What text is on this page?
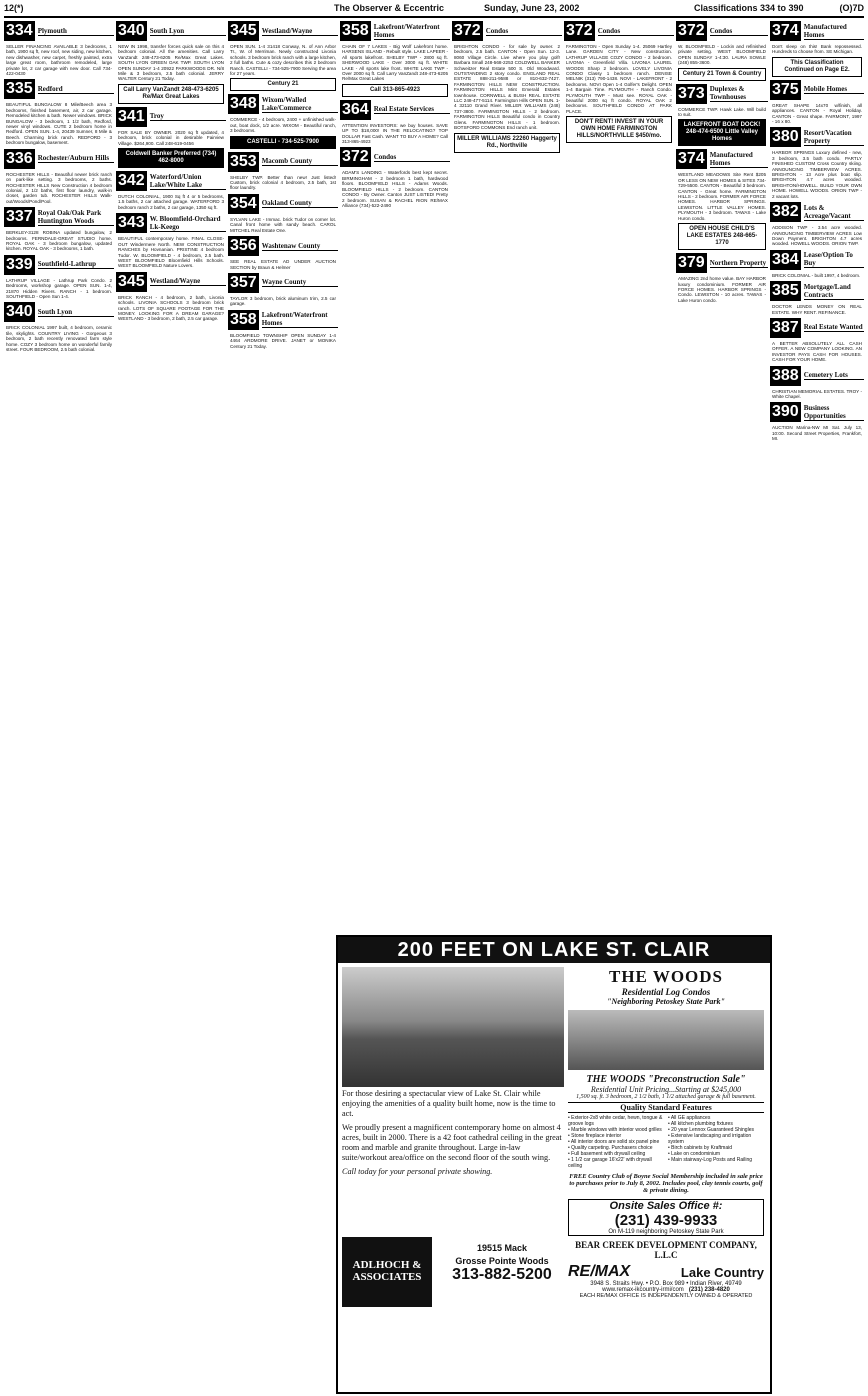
12(*)	The Observer & Eccentric	Sunday, June 23, 2002	Classifications 334 to 390	(O)7D
334 Plymouth
SELLER FINANCING AVAILABLE 3 bedrooms, 1 bath, 1900 sq ft, new roof, new siding, new kitchen, new dishwasher, new carpet, freshly painted, extra large great room, bathroom remodeled, large private lot, 2 car garage with new door. Call 734-422-0430
335 Redford
BEAUTIFUL BUNGALOW 8 Mile/Beech area 3 bedrooms, finished basement, air, 2 car garage. Remodeled kitchen & bath. Newer windows. BRICK BUNGALOW - 3 bedroom, 1 1/2 bath, Redford, newer vinyl windows. CUTE 2 bedroom home in Redford. OPEN SUN. 1-4, 20439 Sumner, 8 Mile & Beech. Charming brick ranch. REDFORD - 3 bedroom bungalow, basement.
336 Rochester/Auburn Hills
ROCHESTER HILLS - Beautiful newer brick ranch on park-like setting. 3 bedrooms, 2 baths. ROCHESTER HILLS New Construction 4 bedroom colonial, 2 1/2 baths, first floor laundry, walk-in closet, garden tub. ROCHESTER HILLS Walk-out/Woods/Pond/Pool.
337 Royal Oak/Oak Park Huntington Woods
BERKLEY-3128 ROBINA updated bungalow, 2 bedrooms. FERNDALE-GREAT STUDIO home. ROYAL OAK - 3 bedroom bungalow, updated kitchen. ROYAL OAK - 3 bedrooms, 1 bath.
339 Southfield-Lathrup
LATHRUP VILLAGE - Lathrup Park Condo. 2 Bedrooms, workshop garage. OPEN SUN. 1-4, 21870 Hidden Rivers. RANCH - 1 bedroom. SOUTHFIELD - Open Sun 1-4.
340 South Lyon
BRICK COLONIAL 1997 built, 4 bedroom, ceramic tile, skylights. COUNTRY LIVING - Gorgeous 3 bedroom, 2 bath recently renovated farm style home. COZY 3 bedroom home on wonderful family street. FOUR BEDROOM, 2.5 bath colonial.
340 South Lyon
NEW IN 1998, transfer forces quick sale on this 4 bedroom colonial. All the amenities. Call Larry VanZandt 248-473-6205 Re/Max Great Lakes. SOUTH LYON GREEN OAK TWP. SOUTH LYON OPEN SUNDAY 1-4 20922 PARKWOODS DR. N/8 Mile & 3 bedroom, 2.5 bath colonial. JERRY WALTER Century 21 Today.
Call Larry VanZandt 248-473-6205 Re/Max Great Lakes
341 Troy
FOR SALE BY OWNER. 2020 sq ft updated, 4 bedroom, brick colonial in desirable Fairview Village. $264,900. Call 248-619-0456
Coldwell Banker Preferred (734) 462-8000
342 Waterford/Union Lake/White Lake
DUTCH COLONIAL, 1900 Sq ft 4 or 5 bedrooms, 1.5 baths, 2 car attached garage. WATERFORD 3 bedroom ranch 2 baths, 2 car garage, 1350 sq ft.
343 W. Bloomfield-Orchard Lk-Keego
BEAUTIFUL contemporary home. FINAL CLOSE-OUT Windermere North. NEW CONSTRUCTION RANCHES by Hovnanian. PRISTINE 4 bedroom Tudor. W. BLOOMFIELD - 4 bedroom, 2.5 bath. WEST BLOOMFIELD Bloomfield Hills Schools. WEST BLOOMFIELD Nature Lovers.
345 Westland/Wayne
BRICK RANCH - 4 bedroom, 2 bath, Livonia schools. LIVONIA SCHOOLS 3 bedroom brick ranch. LOTS OF SQUARE FOOTAGE FOR THE MONEY. LOOKING FOR A DREAM GARAGE? WESTLAND - 3 bedroom, 2 bath, 2.5 car garage.
345 Westland/Wayne
OPEN SUN. 1-4 31418 Conway, N. of Ann Arbor Tr., W. of Merriman. Newly constructed Livonia schools. 3 bedroom brick ranch with a large kitchen, 2 full baths. Cute & cozy describes this 2 bedroom Ranch. CASTELLI - 734-525-7900 Serving the area for 27 years.
Century 21
348 Wixom/Walled Lake/Commerce
COMMERCE - 4 bedroom, 2400 + unfinished walk-out, boat dock, 1/2 acre. WIXOM - Beautiful ranch, 3 bedrooms.
CASTELLI - 734-525-7900
353 Macomb County
SHELBY TWP. Better than new! Just listed! Custom, brick colonial 4 bedroom, 2.5 bath, 1st floor laundry.
354 Oakland County
SYLVAN LAKE - Immac. brick Tudor on corner lot. Canal front home with sandy beach. CAROL MITCHEL Real Estate One.
356 Washtenaw County
SEE REAL ESTATE AD UNDER AUCTION SECTION by Braun & Helmer
357 Wayne County
TAYLOR 3 bedroom, brick aluminum trim, 2.5 car garage.
358 Lakefront/Waterfront Homes
BLOOMFIELD TOWNSHIP OPEN SUNDAY 1-4 4464 ARDMORE DRIVE. JANET or MONIKA Century 21 Today.
358 Lakefront/Waterfront Homes
CHAIN OF 7 LAKES - Big Wolf Lakefront home. HARSENS ISLAND - Rebuilt style. LAKE LAPEER - All sports lakefront. SHELBY TWP - 2800 sq ft. SHERWOOD LAKE - Over 3000 sq ft. WHITE LAKE - All sports lake front. WHITE LAKE TWP - Over 2000 sq ft. Call Larry VanZandt 248-473-6205 Re/Max Great Lakes
Call 313-865-4923
364 Real Estate Services
ATTENTION INVESTORS: we buy houses. SAVE UP TO $18,000! IN THE RELOCATING? TOP DOLLAR Fast Cash. WANT TO BUY A HOME? Call 313-865-4923
372 Condos
ADAM'S LANDING - Waterfords best kept secret. BIRMINGHAM - 2 bedroom 1 bath, hardwood floors. BLOOMFIELD HILLS - Adams Woods. BLOOMFIELD HILLS - 2 bedroom. CANTON CONDO - By Owner. Canton JUST LISTED! Pretty 2 bedroom. SUSAN & RACHEL RION RE/MAX Alliance (734)-522-2490
372 Condos
BRIGHTON CONDO - for sale by owner. 2 bedroom, 2.5 bath. CANTON - Open Sun. 12-3. 8060 Village Circle. Live where you play golf! Barbara Small 248-568-2253 COLDWELL BANKER Schweitzer Real Estate 500 S. Old Woodward. OUTSTANDING 2 story condo. ENGLAND REAL ESTATE 888-211-9588 or 810-632-7427. FARMINGTON HILLS NEW CONSTRUCTION. FARMINGTON HILLS Mint Emerald Estates townhouse. CORNWELL & BUSH REAL ESTATE LLC 248-477-5114. Farmington Hills OPEN SUN. 1-4 32110 Grand River. MILLER WILLIAMS (248) 737-3800. FARMINGTON HILLS - 2 bedroom. FARMINGTON HILLS Beautiful condo in Country Glens. FARMINGTON HILLS - 1 bedroom. BOTSFORD COMMONS End ranch unit.
MILLER WILLIAMS 22260 Haggerty Rd., Northville
372 Condos
FARMINGTON - Open Sunday 1-4. 25069 Hartley Lane. GARDEN CITY - New construction. LATHRUP VILLAGE COZY CONDO - 2 bedroom. LIVONIA - Greenfield Villa. LIVONIA LAUREL WOODS Sharp 2 bedroom. LOVELY LIVONIA CONDO Classy 1 bedroom ranch. DENISE MELNIK (313) 790-1438. NOVI - LAKEFRONT - 2 bedrooms. NOVI Open 1-4 Golfer's Delight. OPEN 1-4 Bargain Time. PLYMOUTH - Ranch Condo. PLYMOUTH TWP - Must see. ROYAL OAK - beautiful 2000 sq ft condo. ROYAL OAK 2 bedrooms. SOUTHFIELD CONDO AT PARK PLACE.
DON'T RENT! INVEST IN YOUR OWN HOME FARMINGTON HILLS/NORTHVILLE $450/mo.
372 Condos
W. BLOOMFIELD - Lockin and refinished private setting. WEST BLOOMFIELD OPEN SUNDAY 1-4:30. LAURA SOWLE (248) 855-3600.
Century 21 Town & Country
373 Duplexes & Townhouses
COMMERCE TWP. Hawk Lake. Will build to suit.
LAKEFRONT BOAT DOCK! 248-474-6500 Little Valley Homes
374 Manufactured Homes
WESTLAND MEADOWS Site Rent $205 OR LESS ON NEW HOMES & SITES 734-729-5500. CANTON - Beautiful 3 bedroom. CANTON - Great home. FARMINGTON HILLS - 2 bedroom. FORMER AIR FORCE HOMES. HARBOR SPRINGS. LEWISTON. LITTLE VALLEY HOMES. PLYMOUTH - 3 bedroom. TAWAS - Lake Huron condo.
OPEN HOUSE CHILD'S LAKE ESTATES 248-665-1770
379 Northern Property
AMAZING 2nd home value. BAY HARBOR luxury condominium. FORMER AIR FORCE HOMES. HARBOR SPRINGS - Condo. LEWISTON - 10 acres. TAWAS - Lake Huron condo.
374 Manufactured Homes
Don't sleep on this! Bank repossessed. Hundreds to choose from. SE Michigan.
This Classification Continued on Page E2.
375 Mobile Homes
GREAT SHAPE 14x70 w/finish, all appliances. CANTON - Royal Holiday. CANTON - Great shape. FAIRMONT, 1997 - 16 x 80.
380 Resort/Vacation Property
HARBOR SPRINGS Luxury defined - new, 3 bedroom, 3.5 bath condo. PARTLY FINISHED CUSTOM Cross Country skiing. ANNOUNCING TIMBERVIEW ACRES. BRIGHTON - 13 Acre plus boat slip. BRIGHTON 4.7 acres wooded. BRIGHTON/HOWELL. BUILD YOUR OWN HOME. HOWELL WOODS. ORION TWP - 2 vacant lots.
382 Lots & Acreage/Vacant
ADDISON TWP - 3.54 acre wooded. ANNOUNCING TIMBERVIEW ACRES Low Down Payment. BRIGHTON 4.7 acres wooded. HOWELL WOODS. ORION TWP.
384 Lease/Option To Buy
BRICK COLONIAL - built 1997, 4 bedroom.
385 Mortgage/Land Contracts
DOCTOR LENDS MONEY ON REAL ESTATE. WHY RENT. REFINANCE.
387 Real Estate Wanted
A BETTER ABSOLUTELY ALL CASH OFFER. A NEW COMPANY LOOKING. AN INVESTOR PAYS CASH FOR HOUSES. CASH FOR YOUR HOME.
388 Cemetery Lots
CHRISTIAN MEMORIAL ESTATES. TROY - White Chapel.
390 Business Opportunities
AUCTION Marina-NW MI Sat. July 13, 10:00. Second Street Properties, Frankfort, MI.
200 FEET ON LAKE ST. CLAIR

For those desiring a spectacular view of Lake St. Clair while enjoying the amenities of a quality built home, now is the time to act.

We proudly present a magnificent contemporary home on almost 4 acres, built in 2000. There is a 42 foot cathedral ceiling in the great room and marble and granite throughout. Large in-law suite/workout area/office on the second floor of the south wing.

Call today for your personal private showing.

ADLHOCH & ASSOCIATES
19515 Mack
Grosse Pointe Woods
313-882-5200
THE WOODS
Residential Log Condos
"Neighboring Petoskey State Park"
THE WOODS "Preconstruction Sale"
Residential Unit Pricing...Starting at $245,000
1,500 sq. ft. 3 bedroom, 2 1/2 bath, 1 1/2 attached garage & full basement.
Quality Standard Features
• Exterior-2x8 white cedar, hewn, tongue & groove logs
• Marble windows with interior wood grilles
• Stone fireplace interior
• All interior doors are solid six panel pine
• Quality carpeting. Purchasers choice
• Full basement with drywall ceiling
• 1 1/2 car garage 16'x22' with drywall ceiling
• All GE appliances
• All kitchen plumbing fixtures
• 20 year Lennox Guaranteed Shingles
• Extensive landscaping and irrigation system
• Birch cabinets by Kraftmaid
• Lake on condominium
• Main stairway-Log Posts and Railing
FREE Country Club of Boyne Social Membership included in sale price to purchases prior to July 8, 2002. Includes pool, clay tennis courts, golf & private dining.
Onsite Sales Office #:
(231) 439-9933
On M-119 neighboring Petoskey State Park
BEAR CREEK DEVELOPMENT COMPANY, L.L.C
RE/MAX	Lake Country
3948 S. Straits Hwy. • P.O. Box 989 • Indian River, 49749
www.remax-ikcountry-irmi/com (231) 238-4820
EACH RE/MAX OFFICE IS INDEPENDENTLY OWNED & OPERATED
